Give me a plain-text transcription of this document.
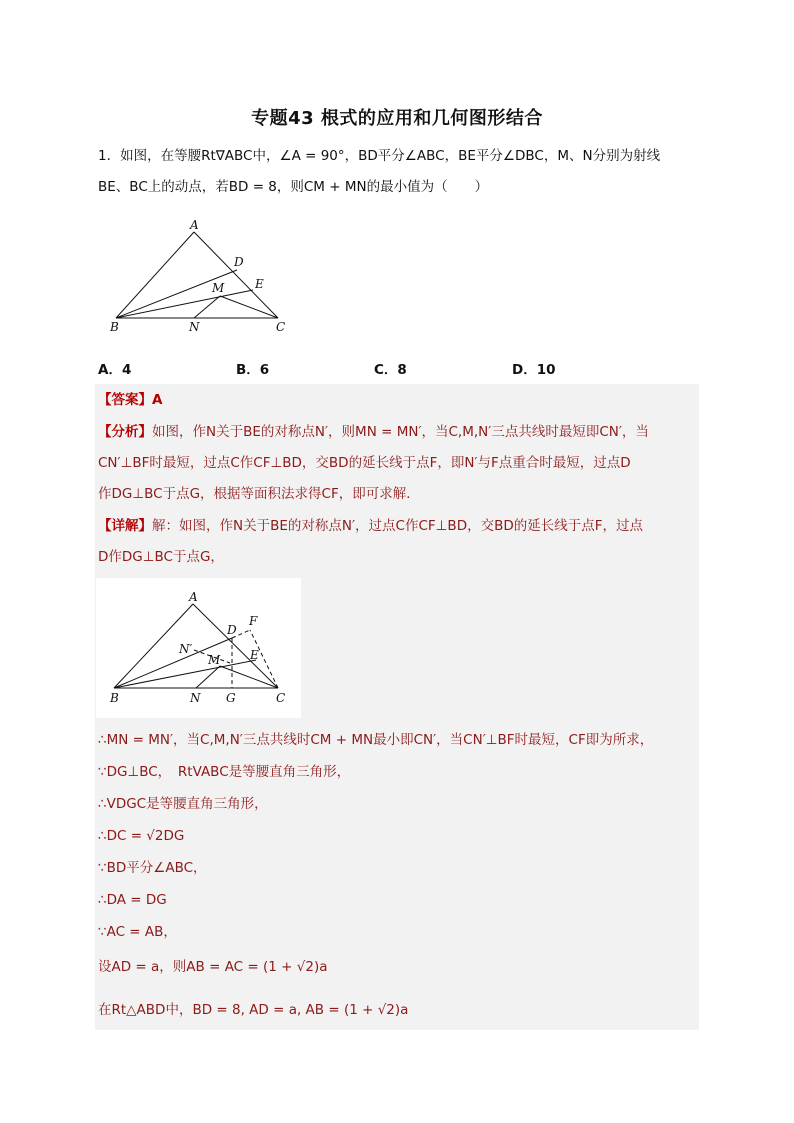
专题43 根式的应用和几何图形结合
1．如图，在等腰Rt∇ABC中，∠A = 90°，BD平分∠ABC，BE平分∠DBC，M、N分别为射线
BE、BC上的动点，若BD = 8，则CM + MN的最小值为（　　）
A
D
E
M
B	N	C
A．4	B．6	C．8	D．10
【答案】A
【分析】如图，作N关于BE的对称点N′，则MN = MN′，当C,M,N′三点共线时最短即CN′，当
CN′⊥BF时最短，过点C作CF⊥BD，交BD的延长线于点F，即N′与F点重合时最短，过点D
作DG⊥BC于点G，根据等面积法求得CF，即可求解．
【详解】解：如图，作N关于BE的对称点N′，过点C作CF⊥BD，交BD的延长线于点F，过点
D作DG⊥BC于点G，
A
F
D
N′	E
M
B	N G	C
∴MN = MN′，当C,M,N′三点共线时CM + MN最小即CN′，当CN′⊥BF时最短，CF即为所求，
∵DG⊥BC，　RtVABC是等腰直角三角形，
∴VDGC是等腰直角三角形，
∴DC = √2DG
∵BD平分∠ABC，
∴DA = DG
∵AC = AB，
设AD = a，则AB = AC = (1 + √2)a
在Rt△ABD中，BD = 8, AD = a, AB = (1 + √2)a
